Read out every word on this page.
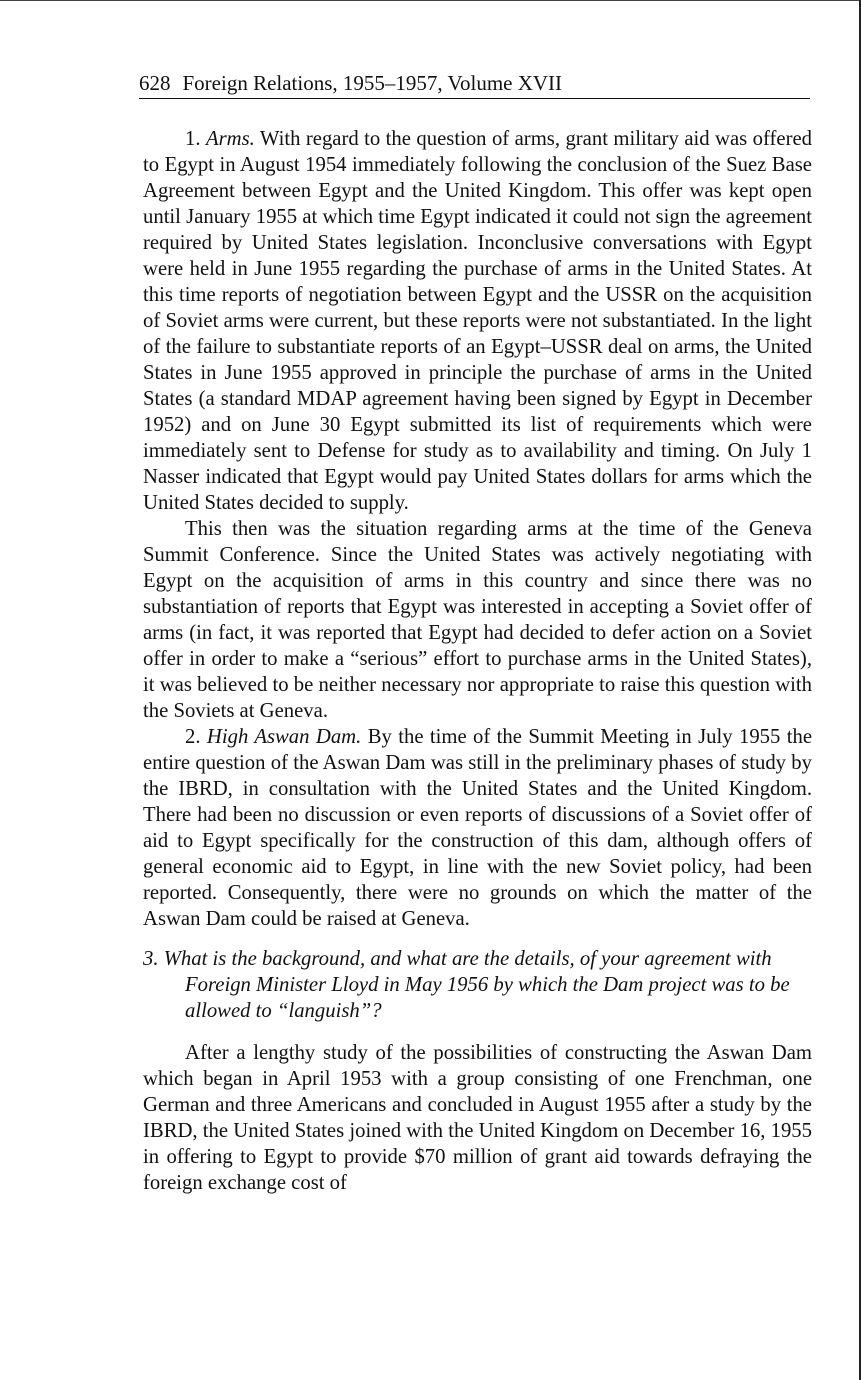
628 Foreign Relations, 1955–1957, Volume XVII

1. Arms. With regard to the question of arms, grant military aid was offered to Egypt in August 1954 immediately following the conclusion of the Suez Base Agreement between Egypt and the United Kingdom. This offer was kept open until January 1955 at which time Egypt indicated it could not sign the agreement required by United States legislation. Inconclusive conversations with Egypt were held in June 1955 regarding the purchase of arms in the United States. At this time reports of negotiation between Egypt and the USSR on the acquisition of Soviet arms were current, but these reports were not substantiated. In the light of the failure to substantiate reports of an Egypt–USSR deal on arms, the United States in June 1955 approved in principle the purchase of arms in the United States (a standard MDAP agreement having been signed by Egypt in December 1952) and on June 30 Egypt submitted its list of requirements which were immediately sent to Defense for study as to availability and timing. On July 1 Nasser indicated that Egypt would pay United States dollars for arms which the United States decided to supply.

This then was the situation regarding arms at the time of the Geneva Summit Conference. Since the United States was actively negotiating with Egypt on the acquisition of arms in this country and since there was no substantiation of reports that Egypt was interested in accepting a Soviet offer of arms (in fact, it was reported that Egypt had decided to defer action on a Soviet offer in order to make a “serious” effort to purchase arms in the United States), it was believed to be neither necessary nor appropriate to raise this question with the Soviets at Geneva.

2. High Aswan Dam. By the time of the Summit Meeting in July 1955 the entire question of the Aswan Dam was still in the preliminary phases of study by the IBRD, in consultation with the United States and the United Kingdom. There had been no discussion or even reports of discussions of a Soviet offer of aid to Egypt specifically for the construction of this dam, although offers of general economic aid to Egypt, in line with the new Soviet policy, had been reported. Consequently, there were no grounds on which the matter of the Aswan Dam could be raised at Geneva.

3. What is the background, and what are the details, of your agreement with Foreign Minister Lloyd in May 1956 by which the Dam project was to be allowed to “languish”?

After a lengthy study of the possibilities of constructing the Aswan Dam which began in April 1953 with a group consisting of one Frenchman, one German and three Americans and concluded in August 1955 after a study by the IBRD, the United States joined with the United Kingdom on December 16, 1955 in offering to Egypt to provide $70 million of grant aid towards defraying the foreign exchange cost of
